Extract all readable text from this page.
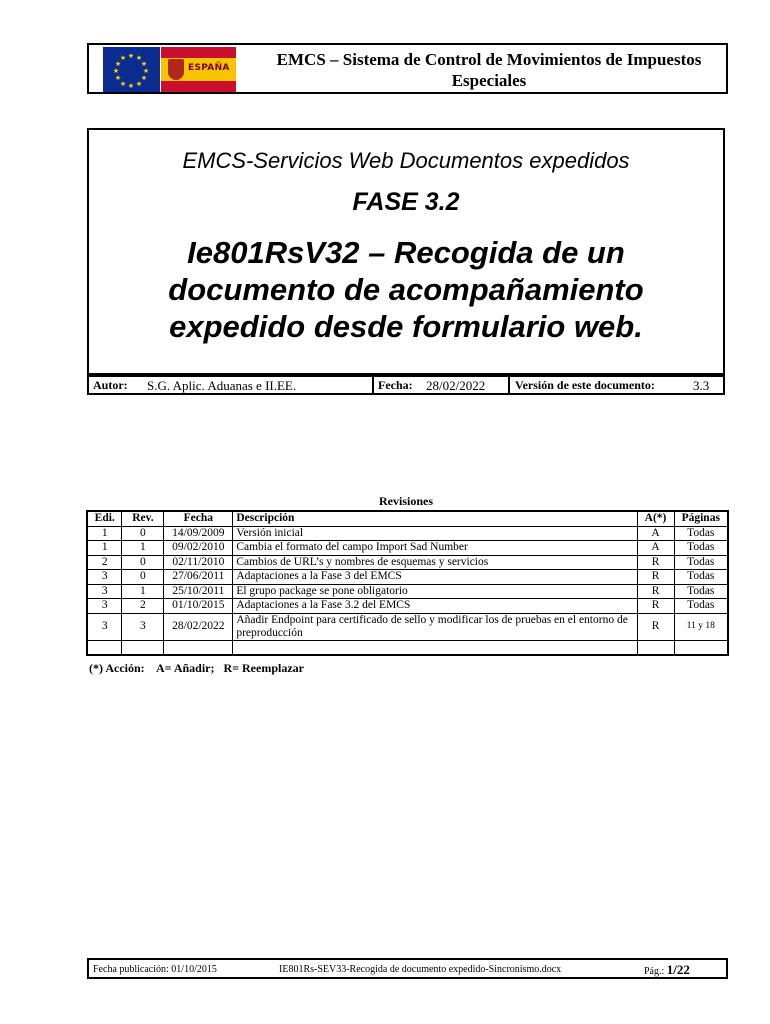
★ ★
★
★
★
★
★
★
★
★
★
★
ESPAÑA	EMCS – Sistema de Control de Movimientos de Impuestos Especiales
EMCS-Servicios Web Documentos expedidos
FASE 3.2
Ie801RsV32 – Recogida de un documento de acompañamiento expedido desde formulario web.
Autor: S.G. Aplic. Aduanas e II.EE.	Fecha: 28/02/2022 Versión de este documento:	3.3
Revisiones
Edi.	Rev.	Fecha	Descripción	A(*)	Páginas
1	0	14/09/2009	Versión inicial	A	Todas
1	1	09/02/2010	Cambia el formato del campo Import Sad Number	A	Todas
2	0	02/11/2010	Cambios de URL’s y nombres de esquemas y servicios	R	Todas
3	0	27/06/2011	Adaptaciones a la Fase 3 del EMCS	R	Todas
3	1	25/10/2011	El grupo package se pone obligatorio	R	Todas
3	2	01/10/2015	Adaptaciones a la Fase 3.2 del EMCS	R	Todas
3	3	28/02/2022	Añadir Endpoint para certificado de sello y modificar los de pruebas en el entorno de preproducción	R	11 y 18

(*) Acción:    A= Añadir;   R= Reemplazar
Fecha publicación: 01/10/2015	IE801Rs-SEV33-Recogida de documento expedido-Sincronismo.docx	Pág.: 1/22
